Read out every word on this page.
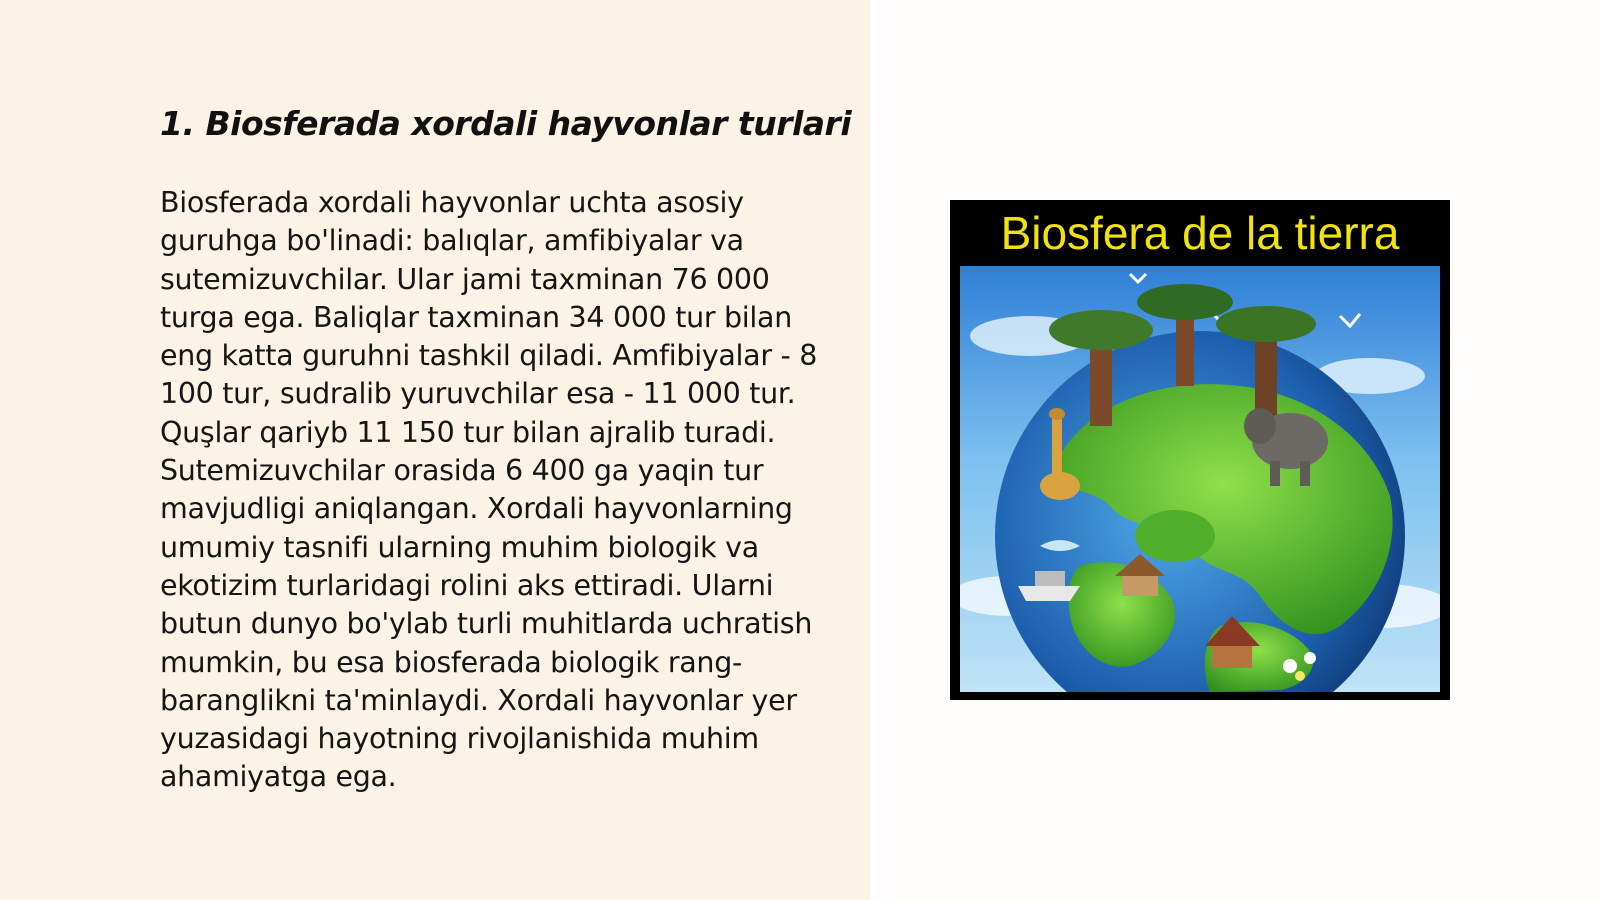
1. Biosferada xordali hayvonlar turlari

Biosferada xordali hayvonlar uchta asosiy guruhga bo'linadi: balıqlar, amfibiyalar va sutemizuvchilar. Ular jami taxminan 76 000 turga ega. Baliqlar taxminan 34 000 tur bilan eng katta guruhni tashkil qiladi. Amfibiyalar - 8 100 tur, sudralib yuruvchilar esa - 11 000 tur. Quşlar qariyb 11 150 tur bilan ajralib turadi. Sutemizuvchilar orasida 6 400 ga yaqin tur mavjudligi aniqlangan. Xordali hayvonlarning umumiy tasnifi ularning muhim biologik va ekotizim turlaridagi rolini aks ettiradi. Ularni butun dunyo bo'ylab turli muhitlarda uchratish mumkin, bu esa biosferada biologik rang-baranglikni ta'minlaydi. Xordali hayvonlar yer yuzasidagi hayotning rivojlanishida muhim ahamiyatga ega.

Biosfera de la tierra
